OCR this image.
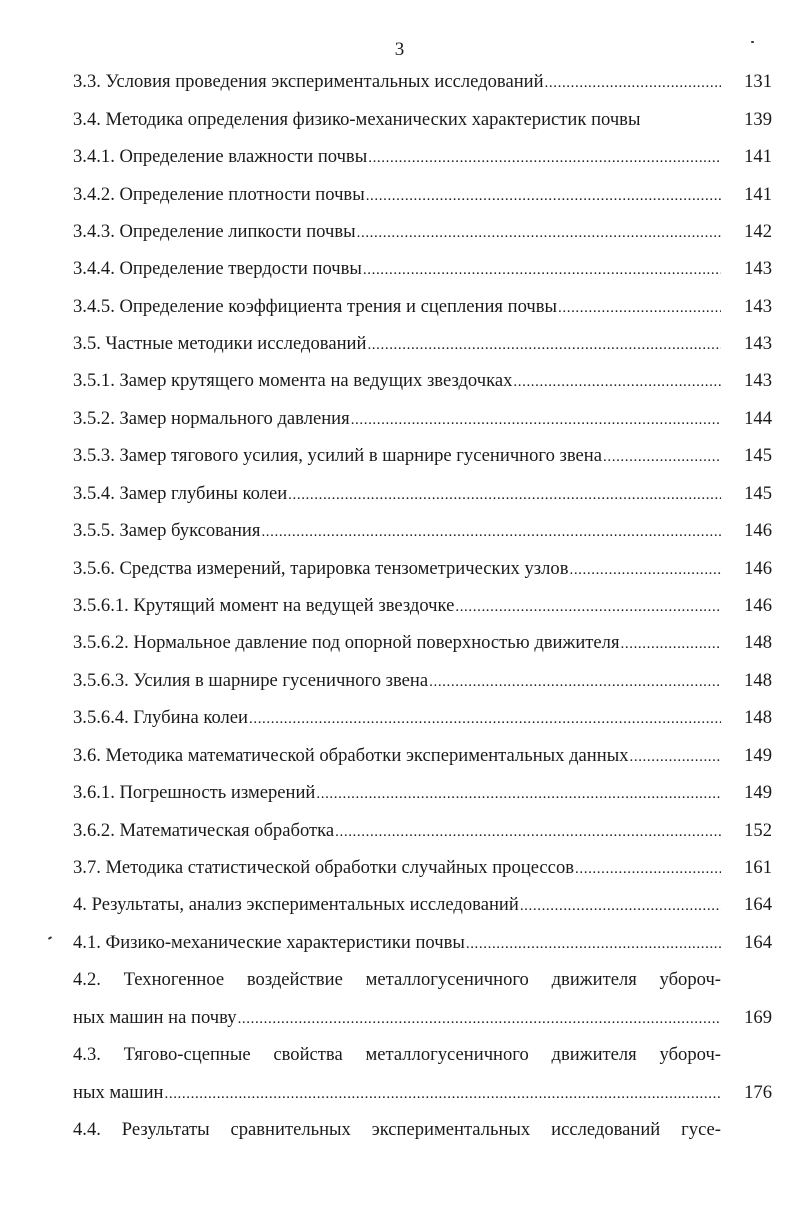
3
3.3. Условия проведения экспериментальных исследований .....	131
3.4. Методика определения физико-механических характеристик почвы	139
3.4.1. Определение влажности почвы .....	141
3.4.2. Определение плотности почвы .....	141
3.4.3. Определение липкости почвы .....	142
3.4.4. Определение твердости почвы .....	143
3.4.5. Определение коэффициента трения и сцепления почвы .....	143
3.5. Частные методики исследований .....	143
3.5.1. Замер крутящего момента на ведущих звездочках .....	143
3.5.2. Замер нормального давления .....	144
3.5.3. Замер тягового усилия, усилий в шарнире гусеничного звена .....	145
3.5.4. Замер глубины колеи .....	145
3.5.5. Замер буксования .....	146
3.5.6. Средства измерений, тарировка тензометрических узлов .....	146
3.5.6.1. Крутящий момент на ведущей звездочке .....	146
3.5.6.2. Нормальное давление под опорной поверхностью движителя .....	148
3.5.6.3. Усилия в шарнире гусеничного звена .....	148
3.5.6.4. Глубина колеи .....	148
3.6. Методика математической обработки экспериментальных данных .....	149
3.6.1. Погрешность измерений .....	149
3.6.2. Математическая обработка .....	152
3.7. Методика статистической обработки случайных процессов .....	161
4. Результаты, анализ экспериментальных исследований .....	164
4.1. Физико-механические характеристики почвы .....	164
4.2. Техногенное воздействие металлогусеничного движителя убороч-
ных машин на почву .....	169
4.3. Тягово-сцепные свойства металлогусеничного движителя убороч-
ных машин .....	176
4.4. Результаты сравнительных экспериментальных исследований гусе-
